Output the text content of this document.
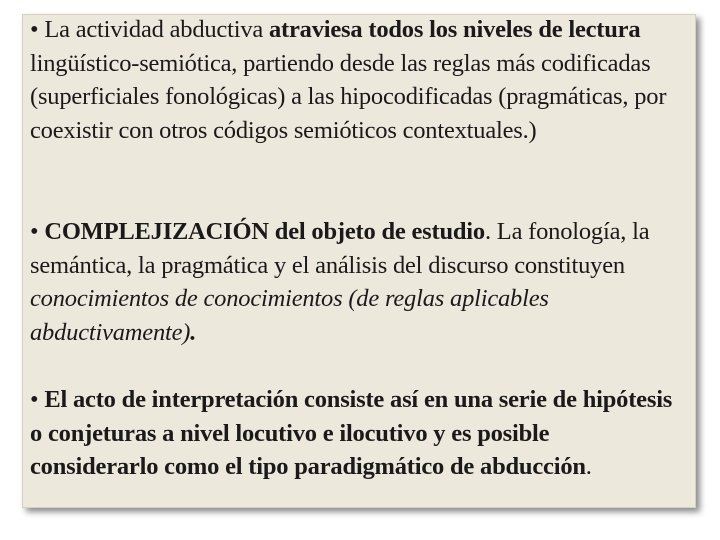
• La actividad abductiva atraviesa todos los niveles de lectura lingüístico-semiótica, partiendo desde las reglas más codificadas (superficiales fonológicas) a las hipocodificadas (pragmáticas, por coexistir con otros códigos semióticos contextuales.)
• COMPLEJIZACIÓN del objeto de estudio. La fonología, la semántica, la pragmática y el análisis del discurso constituyen conocimientos de conocimientos (de reglas aplicables abductivamente).
• El acto de interpretación consiste así en una serie de hipótesis o conjeturas a nivel locutivo e ilocutivo y es posible considerarlo como el tipo paradigmático de abducción.
